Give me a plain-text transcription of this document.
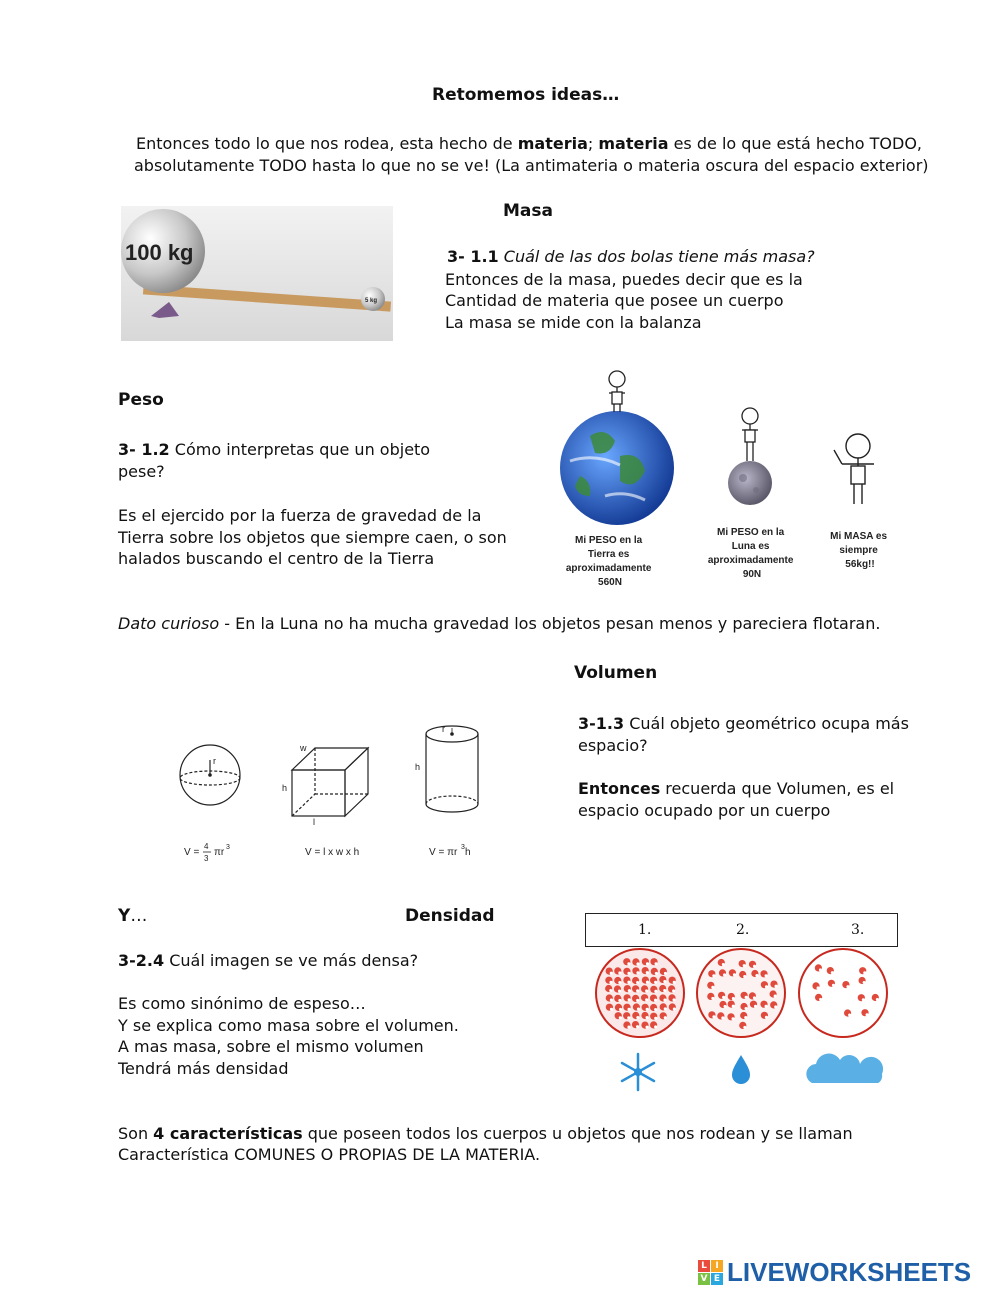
Retomemos ideas…
Entonces todo lo que nos rodea, esta hecho de materia; materia es de lo que está hecho TODO,
absolutamente TODO hasta lo que no se ve! (La antimateria o materia oscura del espacio exterior)
Masa
100 kg
5 kg
3- 1.1 Cuál de las dos bolas tiene más masa?
Entonces de la masa, puedes decir que es la
Cantidad de materia que posee un cuerpo
La masa se mide con la balanza
Peso
3- 1.2 Cómo interpretas que un objeto
pese?
Es el ejercido por la fuerza de gravedad de la
Tierra sobre los objetos que siempre caen, o son
halados buscando el centro de la Tierra
Mi PESO en la Tierra es aproximadamente 560N
Mi PESO en la Luna es aproximadamente 90N
Mi MASA es siempre 56kg!!
Dato curioso - En la Luna no ha mucha gravedad los objetos pesan menos y pareciera flotaran.
Volumen
3-1.3 Cuál objeto geométrico ocupa más
espacio?
Entonces recuerda que Volumen, es el
espacio ocupado por un cuerpo
r
w
h
l
h
r
V =
4
3
πr 3	V = l x w x h	V = πr 3 h
Y…	Densidad
3-2.4 Cuál imagen se ve más densa?
Es como sinónimo de espeso…
Y se explica como masa sobre el volumen.
A mas masa, sobre el mismo volumen
Tendrá más densidad
1.	2.	3.
Son 4 características que poseen todos los cuerpos u objetos que nos rodean y se llaman
Característica COMUNES O PROPIAS DE LA MATERIA.
L I
V E LIVEWORKSHEETS
